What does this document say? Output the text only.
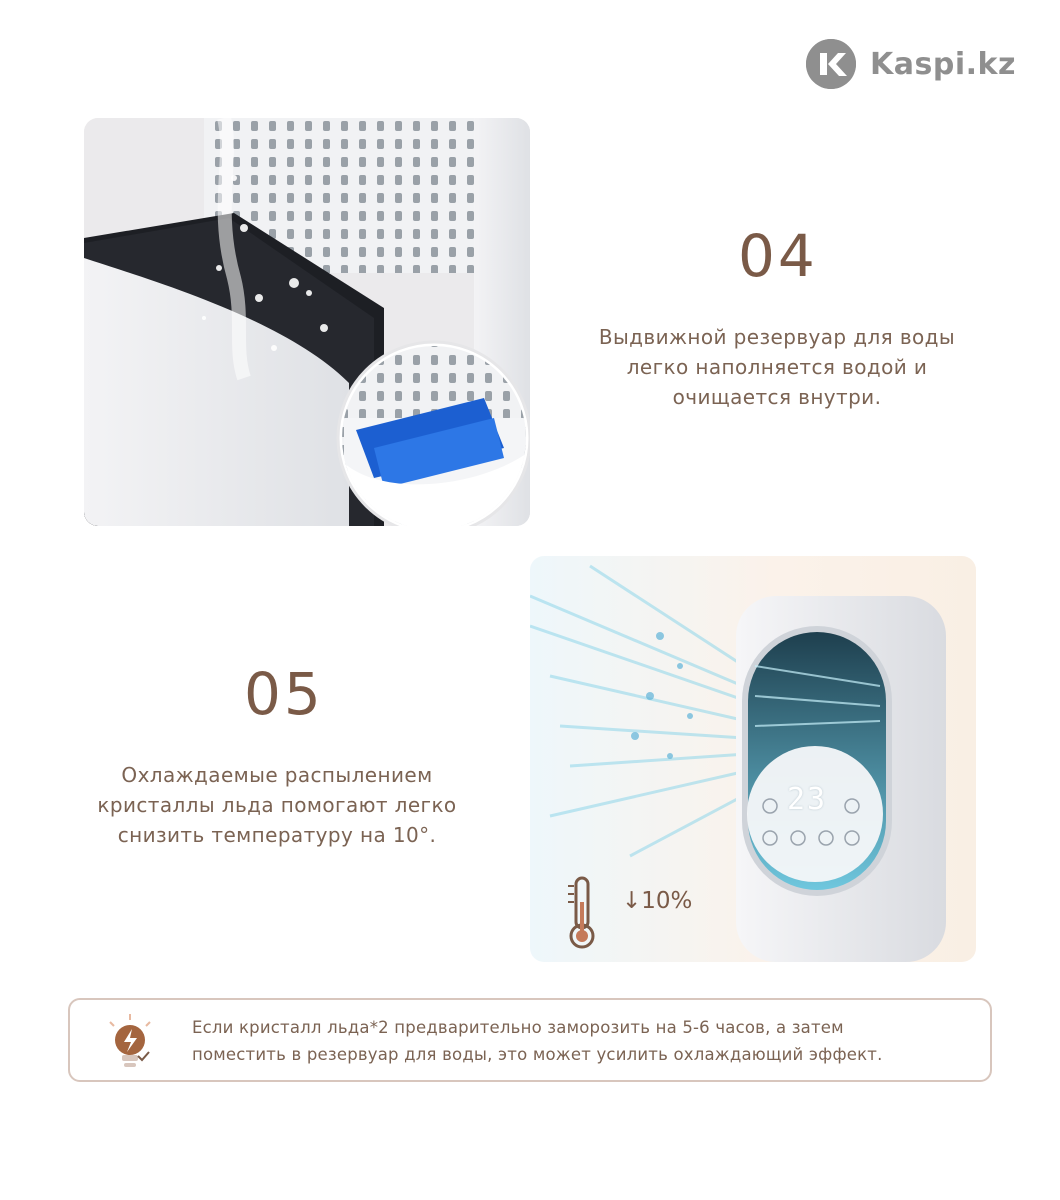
Kaspi.kz
04
Выдвижной резервуар для воды
легко наполняется водой и
очищается внутри.
05
Охлаждаемые распылением
кристаллы льда помогают легко
снизить температуру на 10°.
23
↓10%
Если кристалл льда*2 предварительно заморозить на 5-6 часов, а затем
поместить в резервуар для воды, это может усилить охлаждающий эффект.
